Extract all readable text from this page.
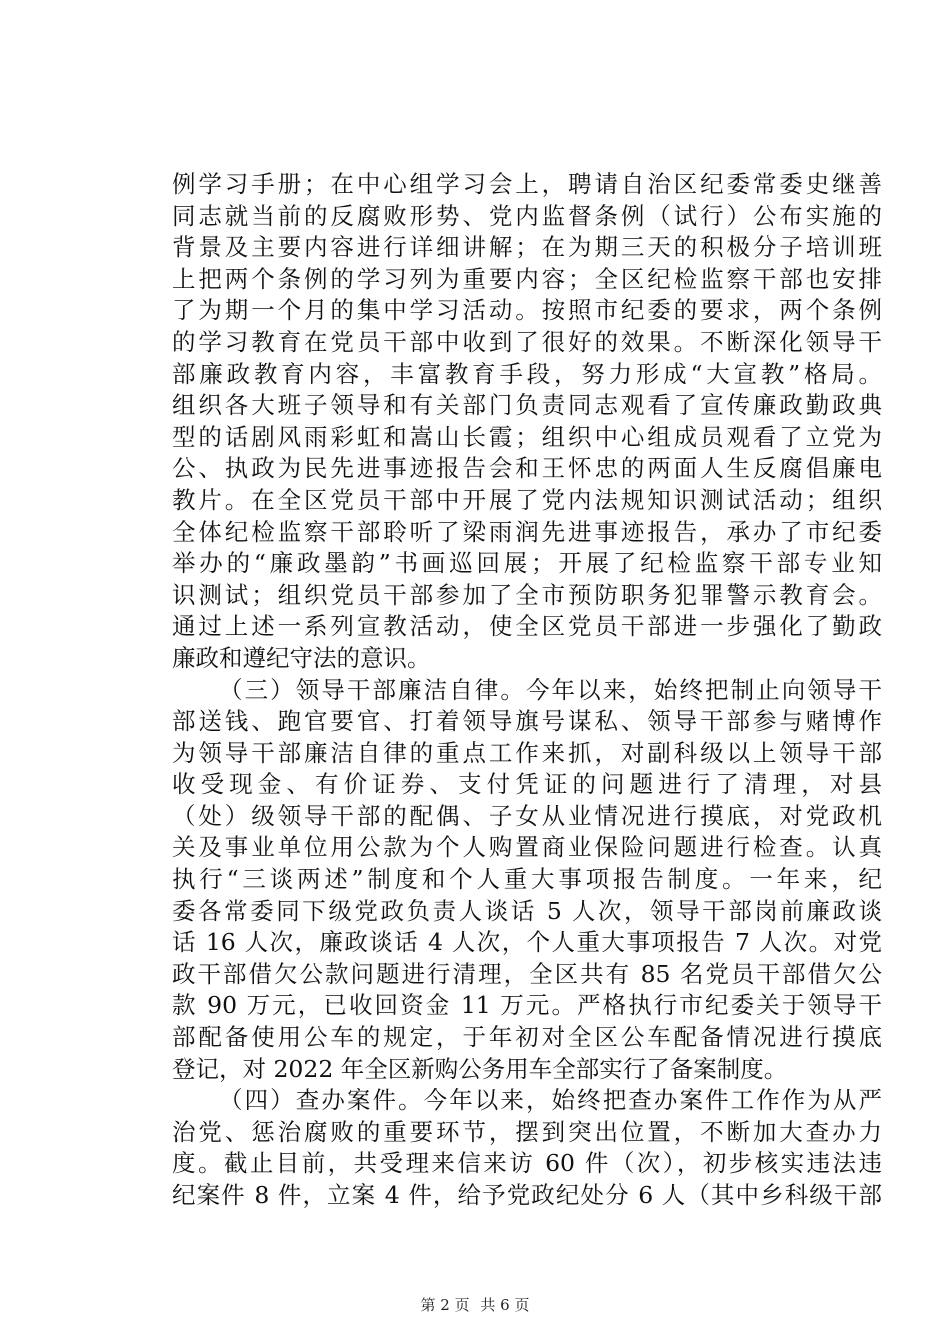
例学习手册；在中心组学习会上，聘请自治区纪委常委史继善
同志就当前的反腐败形势、党内监督条例（试行）公布实施的
背景及主要内容进行详细讲解；在为期三天的积极分子培训班
上把两个条例的学习列为重要内容；全区纪检监察干部也安排
了为期一个月的集中学习活动。按照市纪委的要求，两个条例
的学习教育在党员干部中收到了很好的效果。不断深化领导干
部廉政教育内容，丰富教育手段，努力形成“大宣教”格局。
组织各大班子领导和有关部门负责同志观看了宣传廉政勤政典
型的话剧风雨彩虹和嵩山长霞；组织中心组成员观看了立党为
公、执政为民先进事迹报告会和王怀忠的两面人生反腐倡廉电
教片。在全区党员干部中开展了党内法规知识测试活动；组织
全体纪检监察干部聆听了梁雨润先进事迹报告，承办了市纪委
举办的“廉政墨韵”书画巡回展；开展了纪检监察干部专业知
识测试；组织党员干部参加了全市预防职务犯罪警示教育会。
通过上述一系列宣教活动，使全区党员干部进一步强化了勤政
廉政和遵纪守法的意识。
（三）领导干部廉洁自律。今年以来，始终把制止向领导干
部送钱、跑官要官、打着领导旗号谋私、领导干部参与赌博作
为领导干部廉洁自律的重点工作来抓，对副科级以上领导干部
收受现金、有价证券、支付凭证的问题进行了清理，对县
（处）级领导干部的配偶、子女从业情况进行摸底，对党政机
关及事业单位用公款为个人购置商业保险问题进行检查。认真
执行“三谈两述”制度和个人重大事项报告制度。一年来，纪
委各常委同下级党政负责人谈话 5 人次，领导干部岗前廉政谈
话 16 人次，廉政谈话 4 人次，个人重大事项报告 7 人次。对党
政干部借欠公款问题进行清理，全区共有 85 名党员干部借欠公
款 90 万元，已收回资金 11 万元。严格执行市纪委关于领导干
部配备使用公车的规定，于年初对全区公车配备情况进行摸底
登记，对 2022 年全区新购公务用车全部实行了备案制度。
（四）查办案件。今年以来，始终把查办案件工作作为从严
治党、惩治腐败的重要环节，摆到突出位置，不断加大查办力
度。截止目前，共受理来信来访 60 件（次），初步核实违法违
纪案件 8 件，立案 4 件，给予党政纪处分 6 人（其中乡科级干部
第 2 页 共 6 页
